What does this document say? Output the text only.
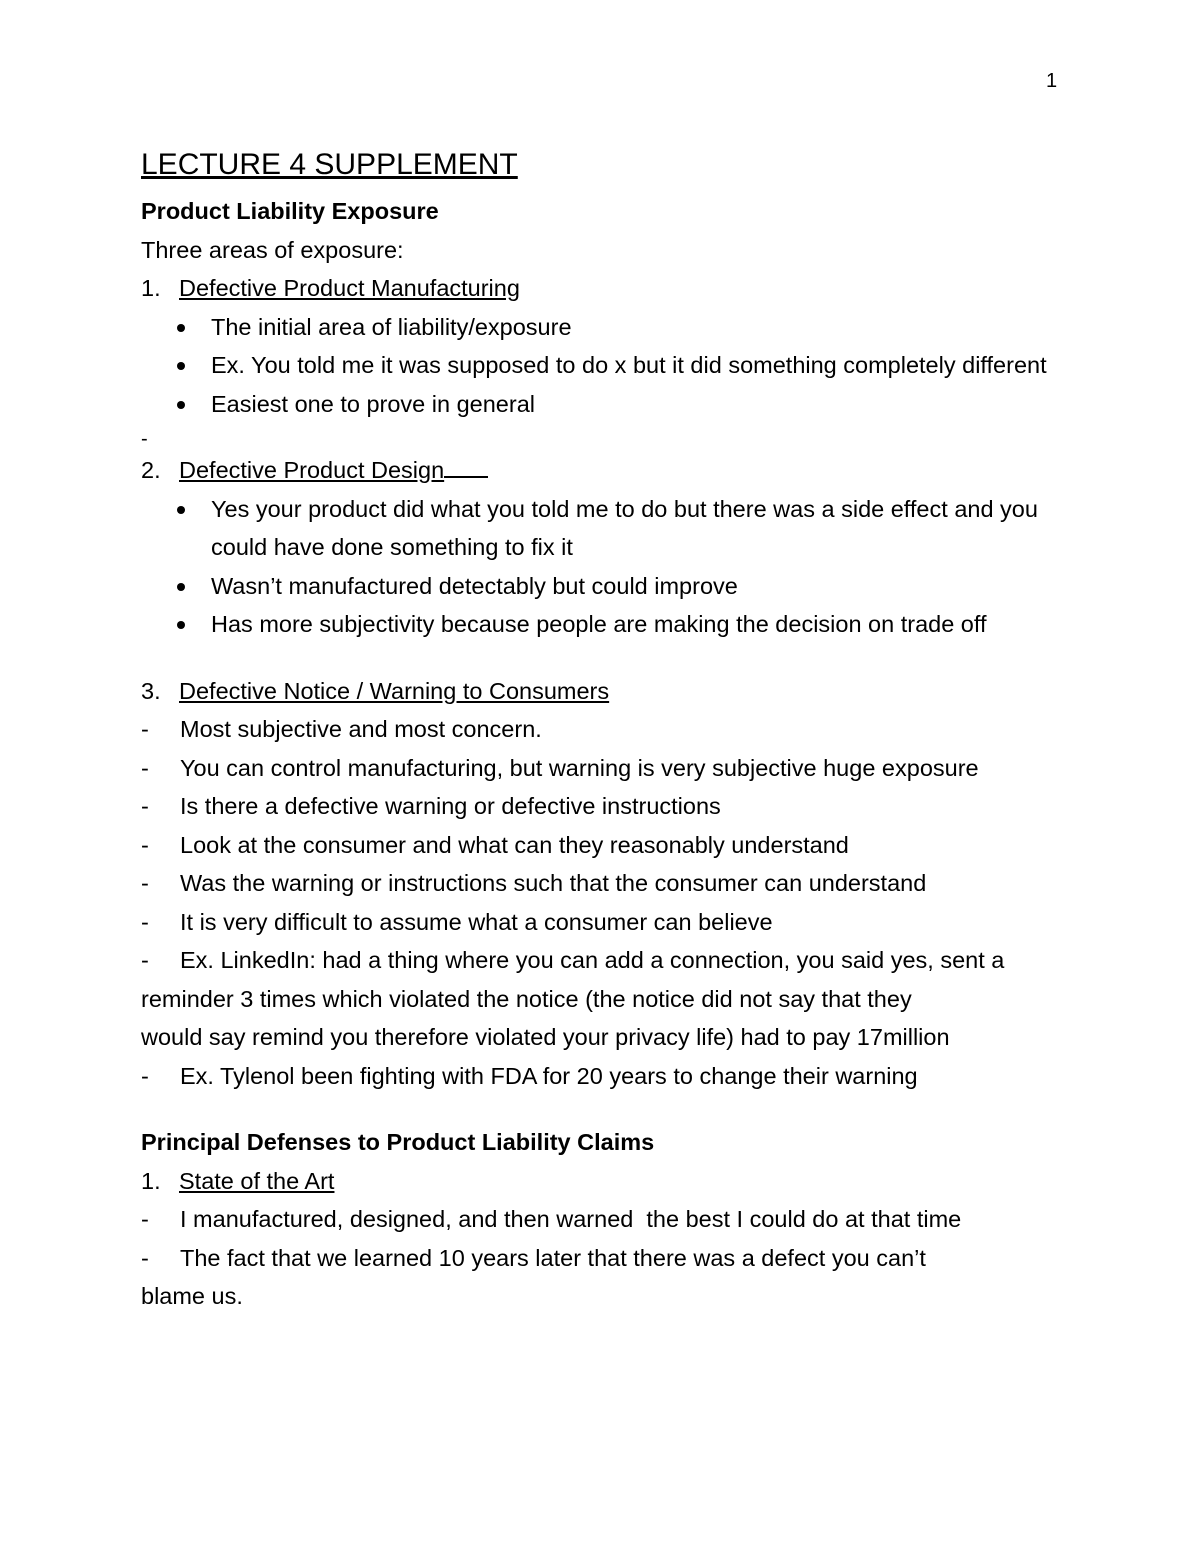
1
LECTURE 4 SUPPLEMENT
Product Liability Exposure
Three areas of exposure:
1. Defective Product Manufacturing
The initial area of liability/exposure
Ex. You told me it was supposed to do x but it did something completely different
Easiest one to prove in general
-
2. Defective Product Design
Yes your product did what you told me to do but there was a side effect and you could have done something to fix it
Wasn’t manufactured detectably but could improve
Has more subjectivity because people are making the decision on trade off
3. Defective Notice / Warning to Consumers
-	Most subjective and most concern.
-	You can control manufacturing, but warning is very subjective huge exposure
-	Is there a defective warning or defective instructions
-	Look at the consumer and what can they reasonably understand
-	Was the warning or instructions such that the consumer can understand
-	It is very difficult to assume what a consumer can believe
-	Ex. LinkedIn: had a thing where you can add a connection, you said yes, sent a
reminder 3 times which violated the notice (the notice did not say that they
would say remind you therefore violated your privacy life) had to pay 17million
-	Ex. Tylenol been fighting with FDA for 20 years to change their warning
Principal Defenses to Product Liability Claims
1. State of the Art
-	I manufactured, designed, and then warned  the best I could do at that time
-	The fact that we learned 10 years later that there was a defect you can’t
blame us.
